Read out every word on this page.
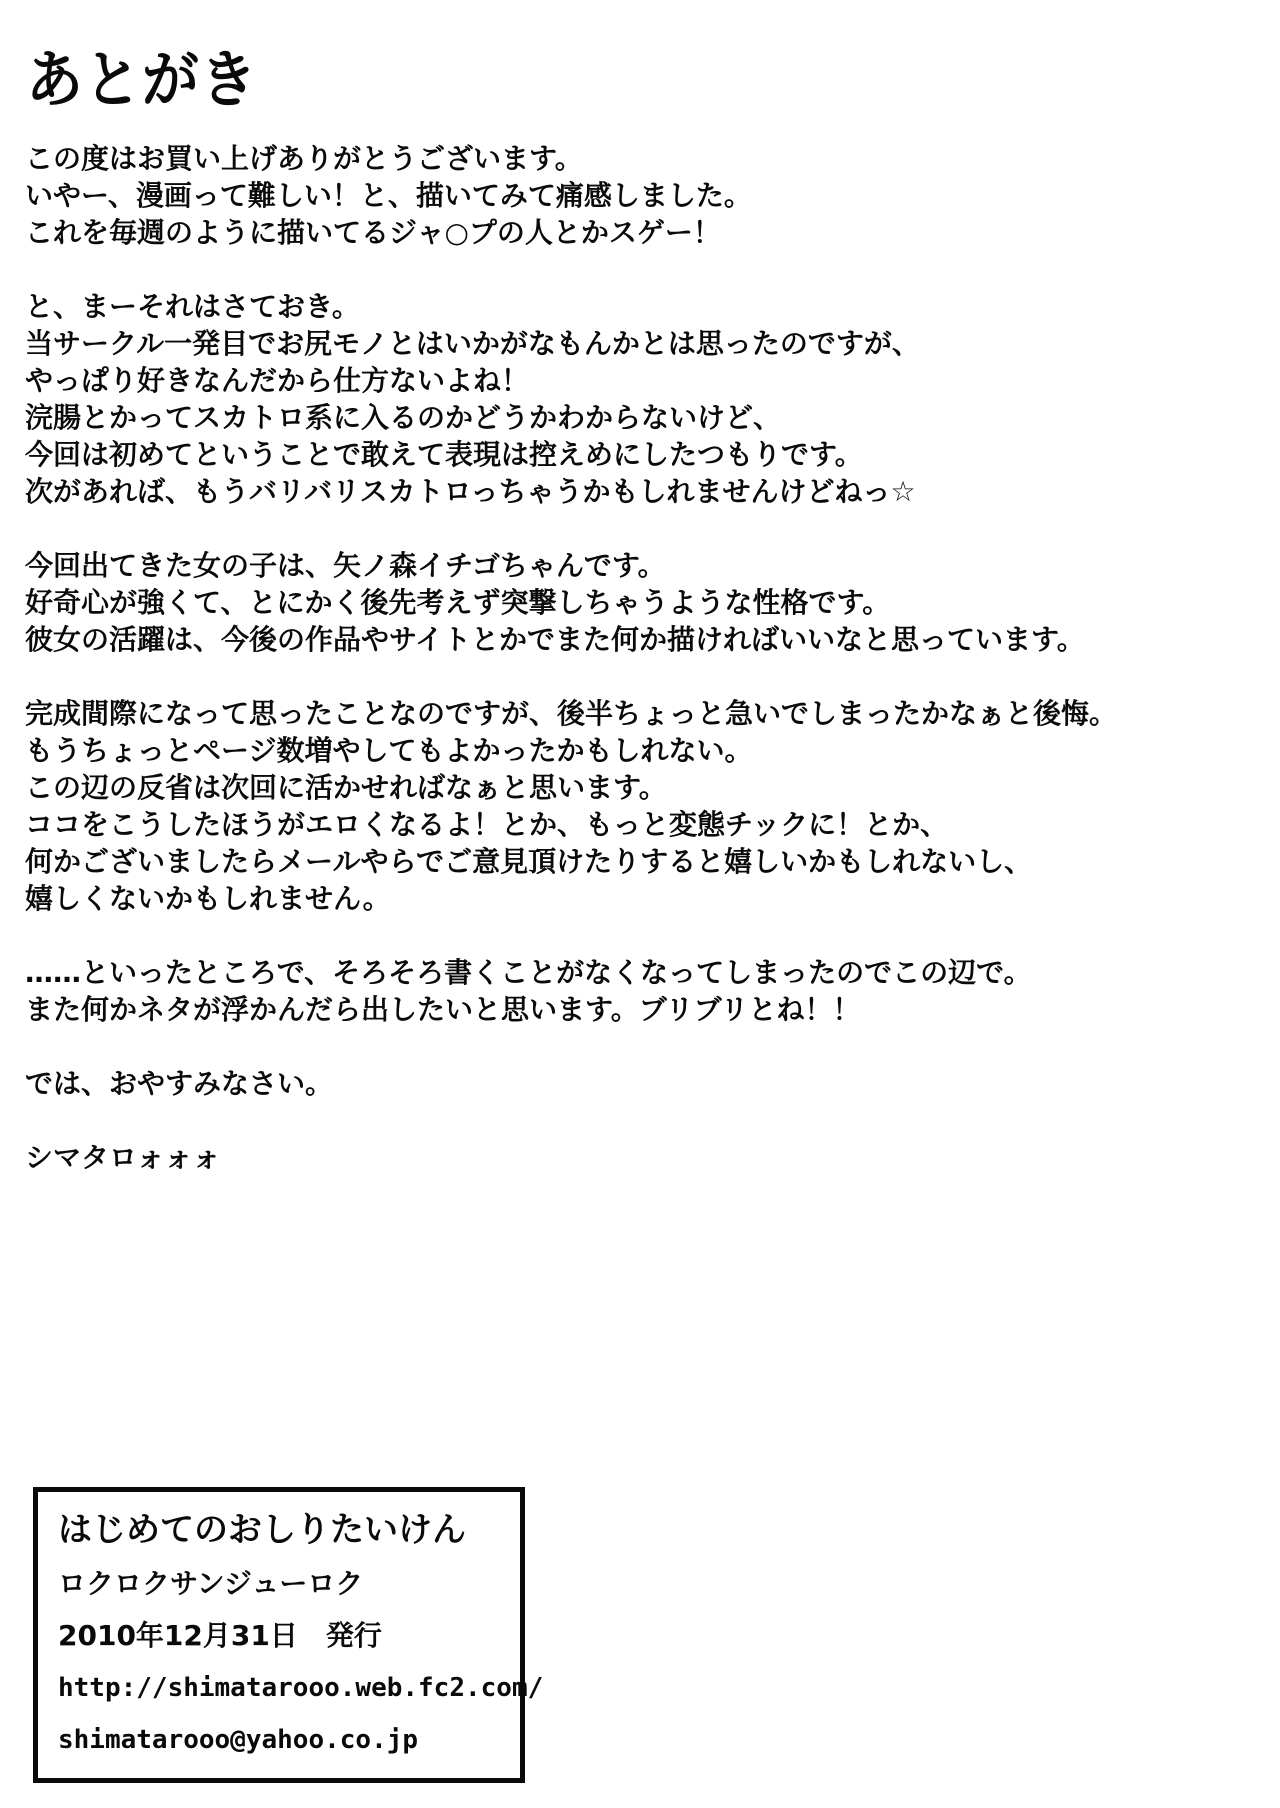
あとがき

この度はお買い上げありがとうございます。
いやー、漫画って難しい！と、描いてみて痛感しました。
これを毎週のように描いてるジャ○プの人とかスゲー！

と、まーそれはさておき。
当サークル一発目でお尻モノとはいかがなもんかとは思ったのですが、
やっぱり好きなんだから仕方ないよね！
浣腸とかってスカトロ系に入るのかどうかわからないけど、
今回は初めてということで敢えて表現は控えめにしたつもりです。
次があれば、もうバリバリスカトロっちゃうかもしれませんけどねっ☆

今回出てきた女の子は、矢ノ森イチゴちゃんです。
好奇心が強くて、とにかく後先考えず突撃しちゃうような性格です。
彼女の活躍は、今後の作品やサイトとかでまた何か描ければいいなと思っています。

完成間際になって思ったことなのですが、後半ちょっと急いでしまったかなぁと後悔。
もうちょっとページ数増やしてもよかったかもしれない。
この辺の反省は次回に活かせればなぁと思います。
ココをこうしたほうがエロくなるよ！とか、もっと変態チックに！とか、
何かございましたらメールやらでご意見頂けたりすると嬉しいかもしれないし、
嬉しくないかもしれません。

……といったところで、そろそろ書くことがなくなってしまったのでこの辺で。
また何かネタが浮かんだら出したいと思います。ブリブリとね！！

では、おやすみなさい。

シマタロォォォ

はじめてのおしりたいけん
ロクロクサンジューロク
2010年12月31日　発行
http://shimatarooo.web.fc2.com/
shimatarooo@yahoo.co.jp
